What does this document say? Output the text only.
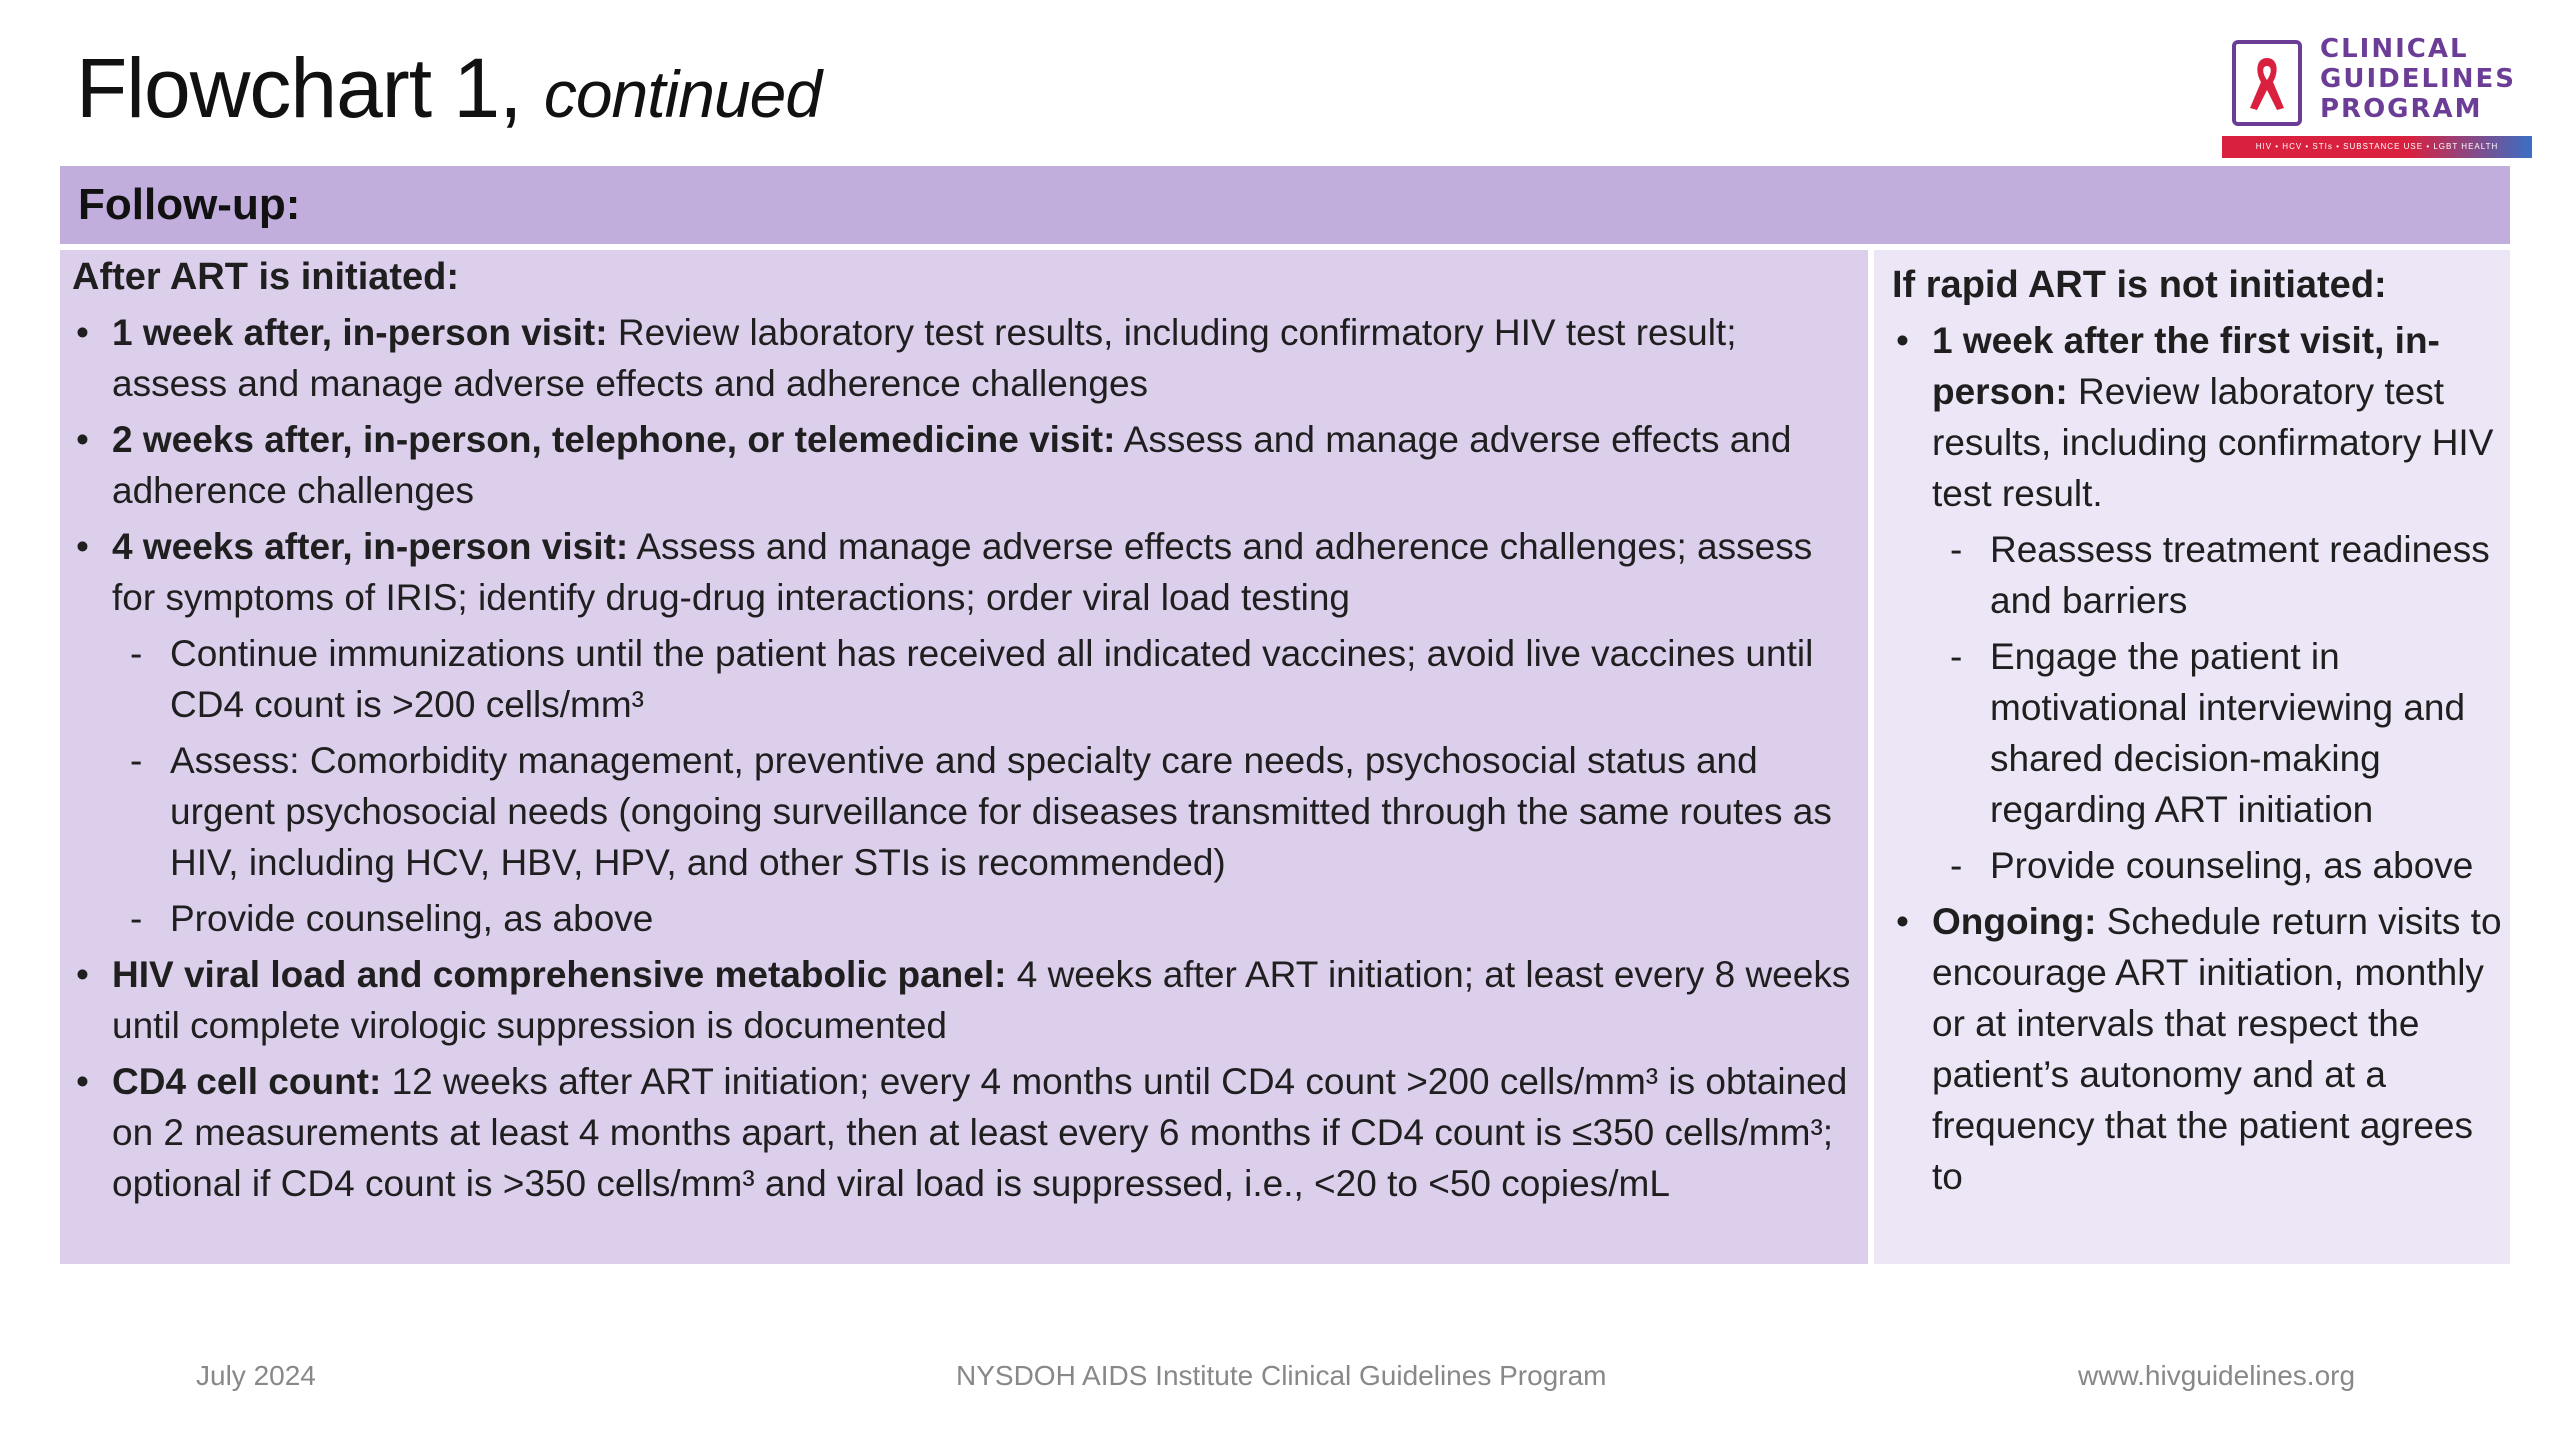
Flowchart 1, continued
CLINICAL
GUIDELINES
PROGRAM
HIV • HCV • STIs • SUBSTANCE USE • LGBT HEALTH
Follow-up:

After ART is initiated:

• 1 week after, in-person visit: Review laboratory test results, including confirmatory HIV test result; assess and manage adverse effects and adherence challenges
• 2 weeks after, in-person, telephone, or telemedicine visit: Assess and manage adverse effects and adherence challenges
• 4 weeks after, in-person visit: Assess and manage adverse effects and adherence challenges; assess for symptoms of IRIS; identify drug-drug interactions; order viral load testing
- Continue immunizations until the patient has received all indicated vaccines; avoid live vaccines until CD4 count is >200 cells/mm³
- Assess: Comorbidity management, preventive and specialty care needs, psychosocial status and urgent psychosocial needs (ongoing surveillance for diseases transmitted through the same routes as HIV, including HCV, HBV, HPV, and other STIs is recommended)
- Provide counseling, as above
• HIV viral load and comprehensive metabolic panel: 4 weeks after ART initiation; at least every 8 weeks until complete virologic suppression is documented
• CD4 cell count: 12 weeks after ART initiation; every 4 months until CD4 count >200 cells/mm³ is obtained on 2 measurements at least 4 months apart, then at least every 6 months if CD4 count is ≤350 cells/mm³; optional if CD4 count is >350 cells/mm³ and viral load is suppressed, i.e., <20 to <50 copies/mL

If rapid ART is not initiated:

• 1 week after the first visit, in-person: Review laboratory test results, including confirmatory HIV test result.
- Reassess treatment readiness and barriers
- Engage the patient in motivational interviewing and shared decision-making regarding ART initiation
- Provide counseling, as above
• Ongoing: Schedule return visits to encourage ART initiation, monthly or at intervals that respect the patient’s autonomy and at a frequency that the patient agrees to
July 2024	NYSDOH AIDS Institute Clinical Guidelines Program	www.hivguidelines.org
